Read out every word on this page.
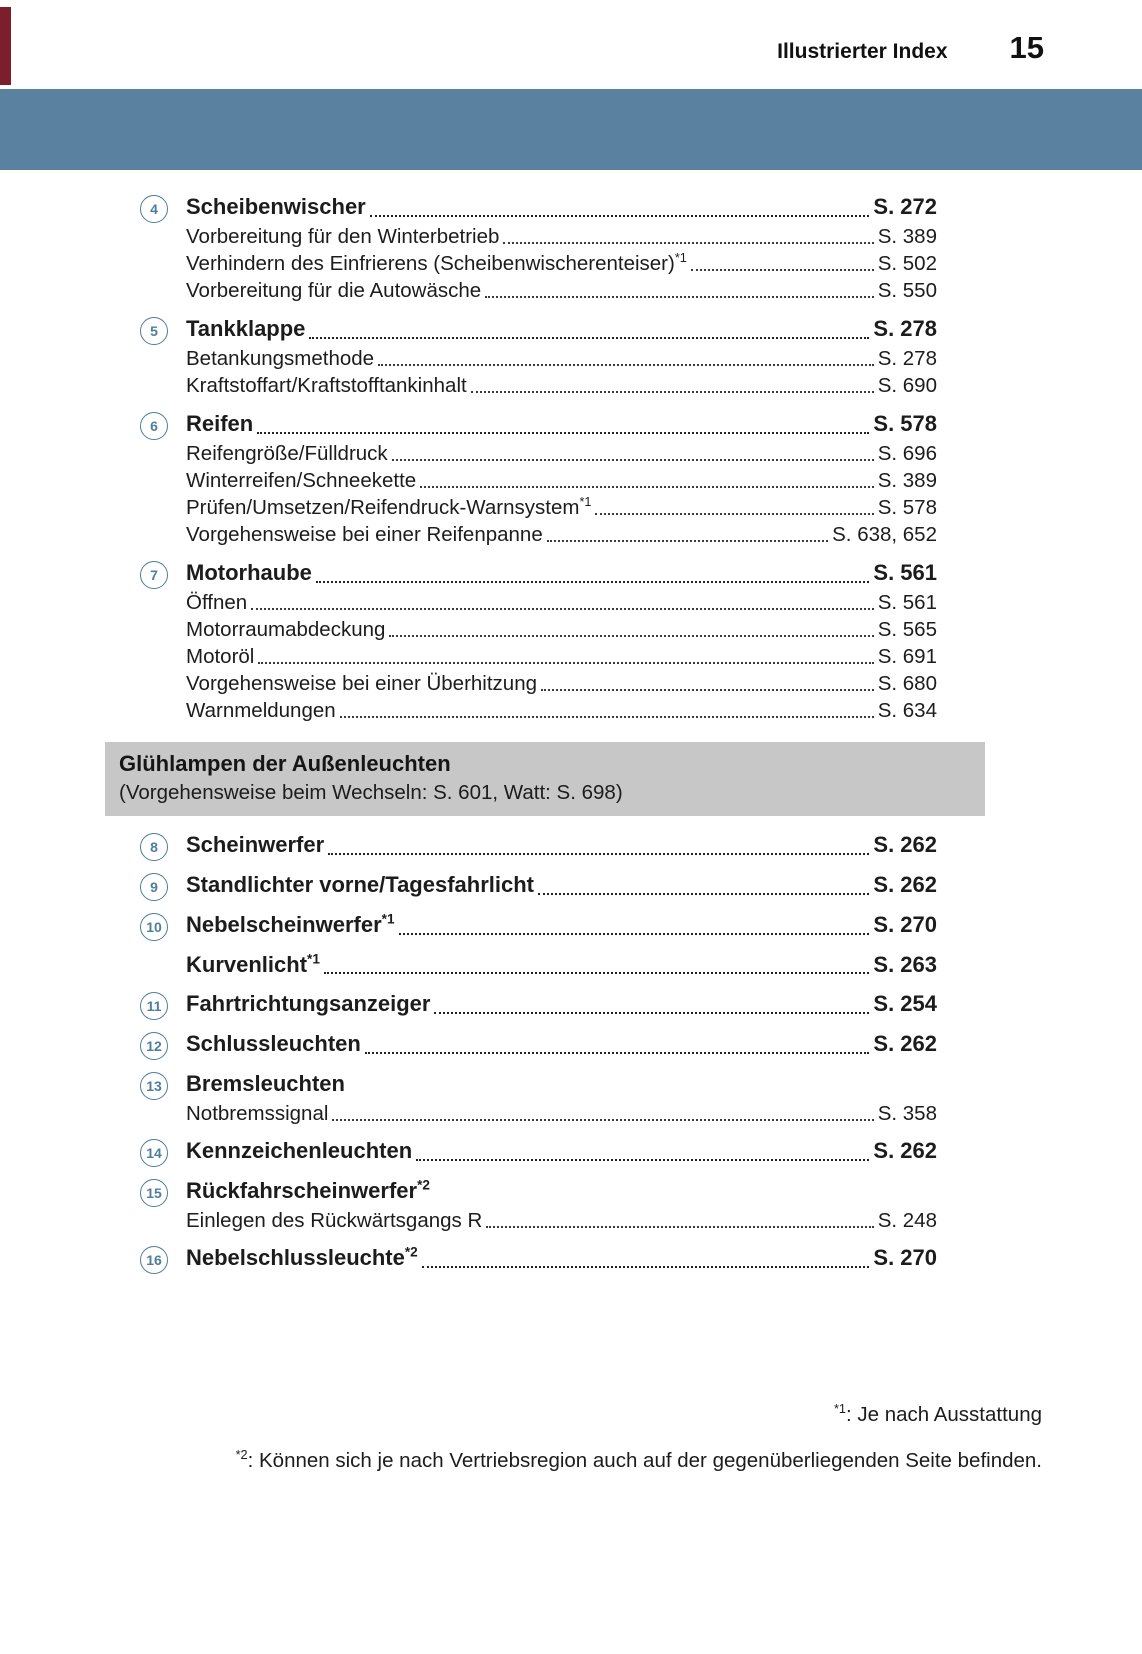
Illustrierter Index 15
4	Scheibenwischer	S. 272
Vorbereitung für den Winterbetrieb	S. 389
Verhindern des Einfrierens (Scheibenwischerenteiser)$^{*1}$	S. 502
Vorbereitung für die Autowäsche	S. 550
5	Tankklappe	S. 278
Betankungsmethode	S. 278
Kraftstoffart/Kraftstofftankinhalt	S. 690
6	Reifen	S. 578
Reifengröße/Fülldruck	S. 696
Winterreifen/Schneekette	S. 389
Prüfen/Umsetzen/Reifendruck-Warnsystem$^{*1}$	S. 578
Vorgehensweise bei einer Reifenpanne	S. 638, 652
7	Motorhaube	S. 561
Öffnen	S. 561
Motorraumabdeckung	S. 565
Motoröl	S. 691
Vorgehensweise bei einer Überhitzung	S. 680
Warnmeldungen	S. 634
Glühlampen der Außenleuchten
(Vorgehensweise beim Wechseln: S. 601, Watt: S. 698)
8	Scheinwerfer	S. 262
9	Standlichter vorne/Tagesfahrlicht	S. 262
10 Nebelscheinwerfer$^{*1}$	S. 270
Kurvenlicht$^{*1}$	S. 263
11 Fahrtrichtungsanzeiger	S. 254
12 Schlussleuchten	S. 262
13 Bremsleuchten
Notbremssignal	S. 358
14 Kennzeichenleuchten	S. 262
15 Rückfahrscheinwerfer$^{*2}$
Einlegen des Rückwärtsgangs R	S. 248
16 Nebelschlussleuchte$^{*2}$	S. 270
$^{*1}$: Je nach Ausstattung
$^{*2}$: Können sich je nach Vertriebsregion auch auf der gegenüberliegenden Seite befinden.
